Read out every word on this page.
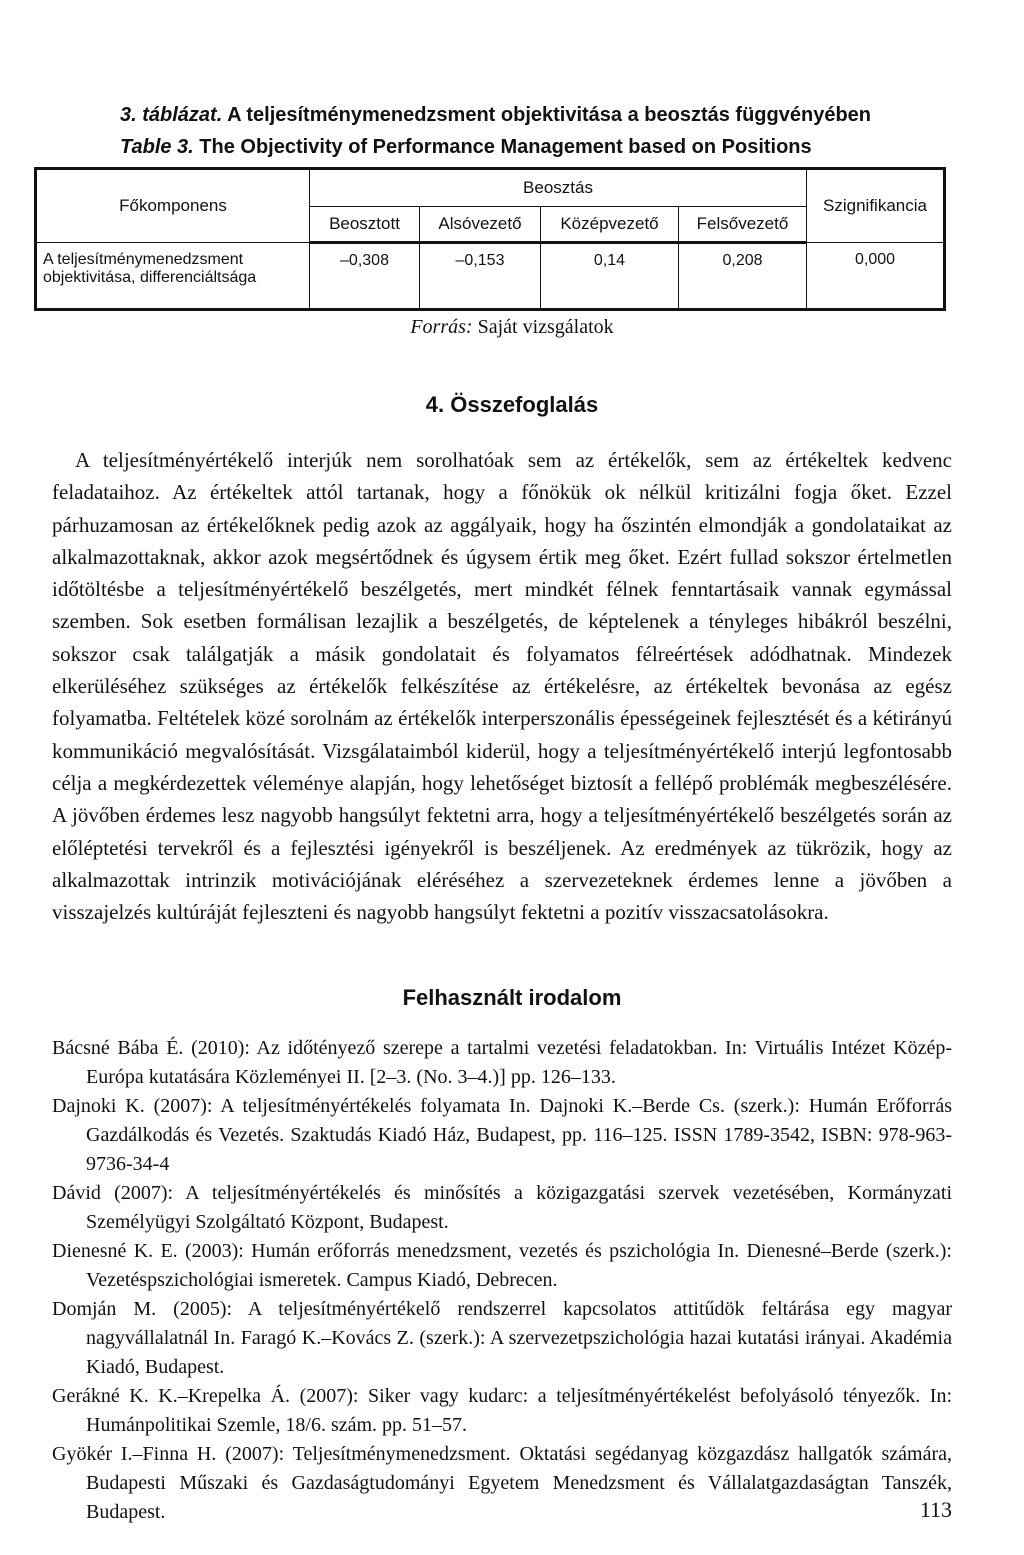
3. táblázat. A teljesítménymenedzsment objektivitása a beosztás függvényében
Table 3. The Objectivity of Performance Management based on Positions
Főkomponens	Beosztás				Szignifikancia
	Beosztott	Alsóvezető	Középvezető	Felsővezető	
A teljesítménymenedzsment objektivitása, differenciáltsága	–0,308	–0,153	0,14	0,208	0,000
Forrás: Saját vizsgálatok
4. Összefoglalás

A teljesítményértékelő interjúk nem sorolhatóak sem az értékelők, sem az értékeltek kedvenc feladataihoz. Az értékeltek attól tartanak, hogy a főnökük ok nélkül kritizálni fogja őket. Ezzel párhuzamosan az értékelőknek pedig azok az aggályaik, hogy ha őszintén elmondják a gondolataikat az alkalmazottaknak, akkor azok megsértődnek és úgysem értik meg őket. Ezért fullad sokszor értelmetlen időtöltésbe a teljesítményértékelő beszélgetés, mert mindkét félnek fenntartásaik vannak egymással szemben. Sok esetben formálisan lezajlik a beszélgetés, de képtelenek a tényleges hibákról beszélni, sokszor csak találgatják a másik gondolatait és folyamatos félreértések adódhatnak. Mindezek elkerüléséhez szükséges az értékelők felkészítése az értékelésre, az értékeltek bevonása az egész folyamatba. Feltételek közé sorolnám az értékelők interperszonális épességeinek fejlesztését és a kétirányú kommunikáció megvalósítását. Vizsgálataimból kiderül, hogy a teljesítményértékelő interjú legfontosabb célja a megkérdezettek véleménye alapján, hogy lehetőséget biztosít a fellépő problémák megbeszélésére. A jövőben érdemes lesz nagyobb hangsúlyt fektetni arra, hogy a teljesítményértékelő beszélgetés során az előléptetési tervekről és a fejlesztési igényekről is beszéljenek. Az eredmények az tükrözik, hogy az alkalmazottak intrinzik motivációjának eléréséhez a szervezeteknek érdemes lenne a jövőben a visszajelzés kultúráját fejleszteni és nagyobb hangsúlyt fektetni a pozitív visszacsatolásokra.

Felhasznált irodalom
Bácsné Bába É. (2010): Az időtényező szerepe a tartalmi vezetési feladatokban. In: Virtuális Intézet Közép-Európa kutatására Közleményei II. [2–3. (No. 3–4.)] pp. 126–133.
Dajnoki K. (2007): A teljesítményértékelés folyamata In. Dajnoki K.–Berde Cs. (szerk.): Humán Erőforrás Gazdálkodás és Vezetés. Szaktudás Kiadó Ház, Budapest, pp. 116–125. ISSN 1789-3542, ISBN: 978-963-9736-34-4
Dávid (2007): A teljesítményértékelés és minősítés a közigazgatási szervek vezetésében, Kormányzati Személyügyi Szolgáltató Központ, Budapest.
Dienesné K. E. (2003): Humán erőforrás menedzsment, vezetés és pszichológia In. Dienesné–Berde (szerk.): Vezetéspszichológiai ismeretek. Campus Kiadó, Debrecen.
Domján M. (2005): A teljesítményértékelő rendszerrel kapcsolatos attitűdök feltárása egy magyar nagyvállalatnál In. Faragó K.–Kovács Z. (szerk.): A szervezetpszichológia hazai kutatási irányai. Akadémia Kiadó, Budapest.
Gerákné K. K.–Krepelka Á. (2007): Siker vagy kudarc: a teljesítményértékelést befolyásoló tényezők. In: Humánpolitikai Szemle, 18/6. szám. pp. 51–57.
Gyökér I.–Finna H. (2007): Teljesítménymenedzsment. Oktatási segédanyag közgazdász hallgatók számára, Budapesti Műszaki és Gazdaságtudományi Egyetem Menedzsment és Vállalatgazdaságtan Tanszék, Budapest.	113
